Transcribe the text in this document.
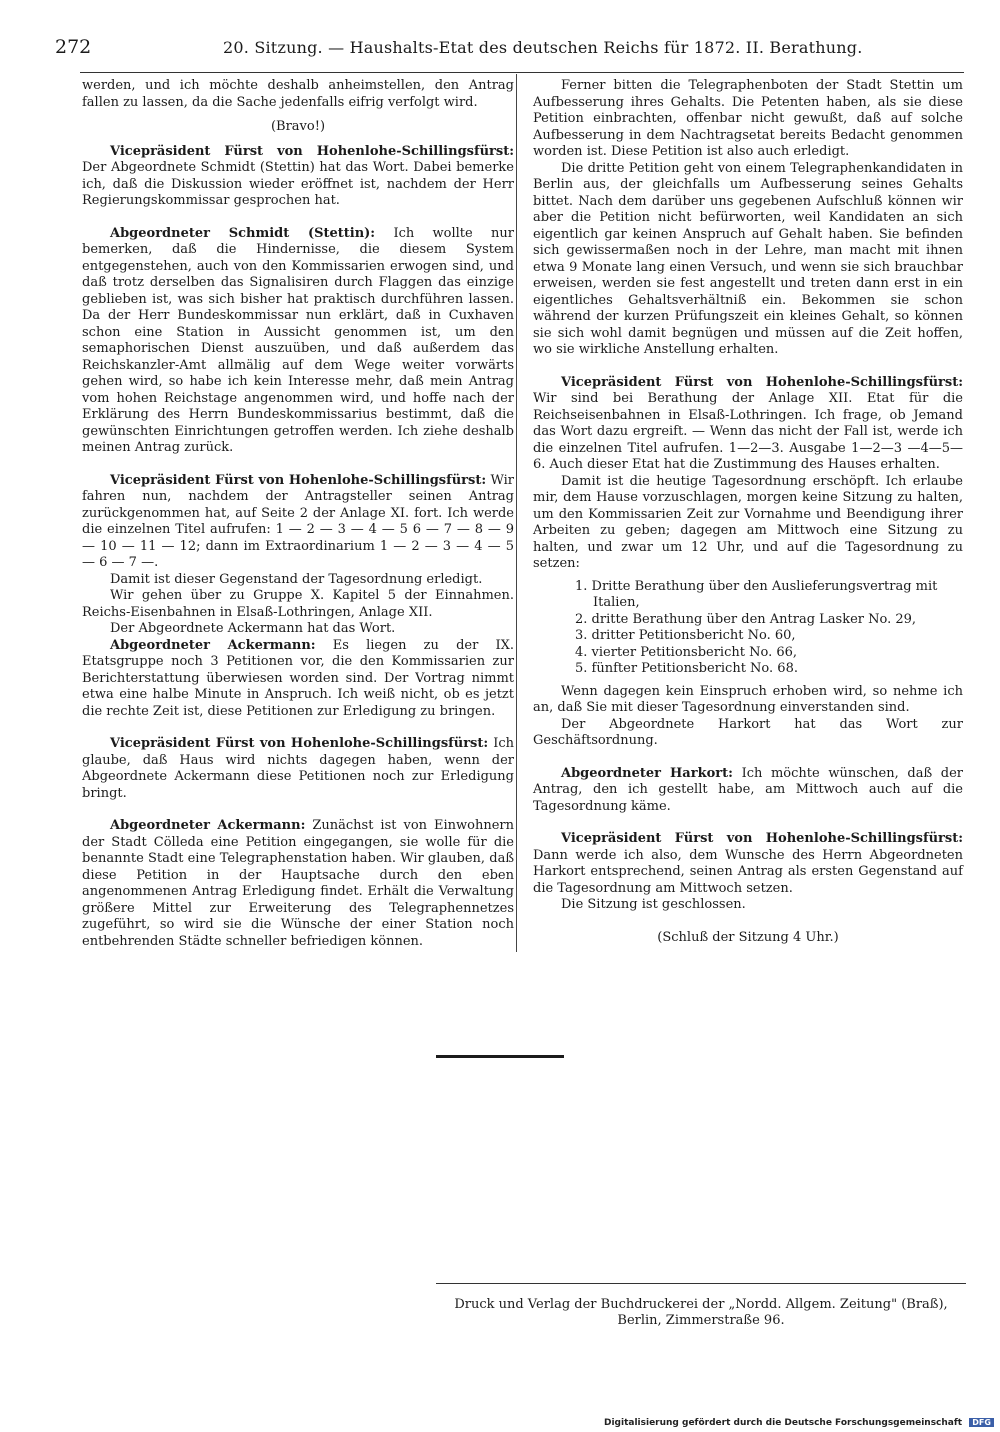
272	20. Sitzung. — Haushalts-Etat des deutschen Reichs für 1872. II. Berathung.

werden, und ich möchte deshalb anheimstellen, den Antrag fallen zu lassen, da die Sache jedenfalls eifrig verfolgt wird.

(Bravo!)

Vicepräsident Fürst von Hohenlohe-Schillingsfürst: Der Abgeordnete Schmidt (Stettin) hat das Wort. Dabei bemerke ich, daß die Diskussion wieder eröffnet ist, nachdem der Herr Regierungskommissar gesprochen hat.

Abgeordneter Schmidt (Stettin): Ich wollte nur bemerken, daß die Hindernisse, die diesem System entgegenstehen, auch von den Kommissarien erwogen sind, und daß trotz derselben das Signalisiren durch Flaggen das einzige geblieben ist, was sich bisher hat praktisch durchführen lassen. Da der Herr Bundeskommissar nun erklärt, daß in Cuxhaven schon eine Station in Aussicht genommen ist, um den semaphorischen Dienst auszuüben, und daß außerdem das Reichskanzler-Amt allmälig auf dem Wege weiter vorwärts gehen wird, so habe ich kein Interesse mehr, daß mein Antrag vom hohen Reichstage angenommen wird, und hoffe nach der Erklärung des Herrn Bundeskommissarius bestimmt, daß die gewünschten Einrichtungen getroffen werden. Ich ziehe deshalb meinen Antrag zurück.

Vicepräsident Fürst von Hohenlohe-Schillingsfürst: Wir fahren nun, nachdem der Antragsteller seinen Antrag zurückgenommen hat, auf Seite 2 der Anlage XI. fort. Ich werde die einzelnen Titel aufrufen: 1 — 2 — 3 — 4 — 5 6 — 7 — 8 — 9 — 10 — 11 — 12; dann im Extraordinarium 1 — 2 — 3 — 4 — 5 — 6 — 7 —.

Damit ist dieser Gegenstand der Tagesordnung erledigt.

Wir gehen über zu Gruppe X. Kapitel 5 der Einnahmen. Reichs-Eisenbahnen in Elsaß-Lothringen, Anlage XII.

Der Abgeordnete Ackermann hat das Wort.

Abgeordneter Ackermann: Es liegen zu der IX. Etatsgruppe noch 3 Petitionen vor, die den Kommissarien zur Berichterstattung überwiesen worden sind. Der Vortrag nimmt etwa eine halbe Minute in Anspruch. Ich weiß nicht, ob es jetzt die rechte Zeit ist, diese Petitionen zur Erledigung zu bringen.

Vicepräsident Fürst von Hohenlohe-Schillingsfürst: Ich glaube, daß Haus wird nichts dagegen haben, wenn der Abgeordnete Ackermann diese Petitionen noch zur Erledigung bringt.

Abgeordneter Ackermann: Zunächst ist von Einwohnern der Stadt Cölleda eine Petition eingegangen, sie wolle für die benannte Stadt eine Telegraphenstation haben. Wir glauben, daß diese Petition in der Hauptsache durch den eben angenommenen Antrag Erledigung findet. Erhält die Verwaltung größere Mittel zur Erweiterung des Telegraphennetzes zugeführt, so wird sie die Wünsche der einer Station noch entbehrenden Städte schneller befriedigen können.

Ferner bitten die Telegraphenboten der Stadt Stettin um Aufbesserung ihres Gehalts. Die Petenten haben, als sie diese Petition einbrachten, offenbar nicht gewußt, daß auf solche Aufbesserung in dem Nachtragsetat bereits Bedacht genommen worden ist. Diese Petition ist also auch erledigt.

Die dritte Petition geht von einem Telegraphenkandidaten in Berlin aus, der gleichfalls um Aufbesserung seines Gehalts bittet. Nach dem darüber uns gegebenen Aufschluß können wir aber die Petition nicht befürworten, weil Kandidaten an sich eigentlich gar keinen Anspruch auf Gehalt haben. Sie befinden sich gewissermaßen noch in der Lehre, man macht mit ihnen etwa 9 Monate lang einen Versuch, und wenn sie sich brauchbar erweisen, werden sie fest angestellt und treten dann erst in ein eigentliches Gehaltsverhältniß ein. Bekommen sie schon während der kurzen Prüfungszeit ein kleines Gehalt, so können sie sich wohl damit begnügen und müssen auf die Zeit hoffen, wo sie wirkliche Anstellung erhalten.

Vicepräsident Fürst von Hohenlohe-Schillingsfürst: Wir sind bei Berathung der Anlage XII. Etat für die Reichseisenbahnen in Elsaß-Lothringen. Ich frage, ob Jemand das Wort dazu ergreift. — Wenn das nicht der Fall ist, werde ich die einzelnen Titel aufrufen. 1—2—3. Ausgabe 1—2—3 —4—5—6. Auch dieser Etat hat die Zustimmung des Hauses erhalten.

Damit ist die heutige Tagesordnung erschöpft. Ich erlaube mir, dem Hause vorzuschlagen, morgen keine Sitzung zu halten, um den Kommissarien Zeit zur Vornahme und Beendigung ihrer Arbeiten zu geben; dagegen am Mittwoch eine Sitzung zu halten, und zwar um 12 Uhr, und auf die Tagesordnung zu setzen:

1. Dritte Berathung über den Auslieferungsvertrag mit Italien,
2. dritte Berathung über den Antrag Lasker No. 29,
3. dritter Petitionsbericht No. 60,
4. vierter Petitionsbericht No. 66,
5. fünfter Petitionsbericht No. 68.

Wenn dagegen kein Einspruch erhoben wird, so nehme ich an, daß Sie mit dieser Tagesordnung einverstanden sind.

Der Abgeordnete Harkort hat das Wort zur Geschäftsordnung.

Abgeordneter Harkort: Ich möchte wünschen, daß der Antrag, den ich gestellt habe, am Mittwoch auch auf die Tagesordnung käme.

Vicepräsident Fürst von Hohenlohe-Schillingsfürst: Dann werde ich also, dem Wunsche des Herrn Abgeordneten Harkort entsprechend, seinen Antrag als ersten Gegenstand auf die Tagesordnung am Mittwoch setzen.

Die Sitzung ist geschlossen.

(Schluß der Sitzung 4 Uhr.)

Druck und Verlag der Buchdruckerei der „Nordd. Allgem. Zeitung" (Braß),
Berlin, Zimmerstraße 96.
Digitalisierung gefördert durch die Deutsche Forschungsgemeinschaft DFG
